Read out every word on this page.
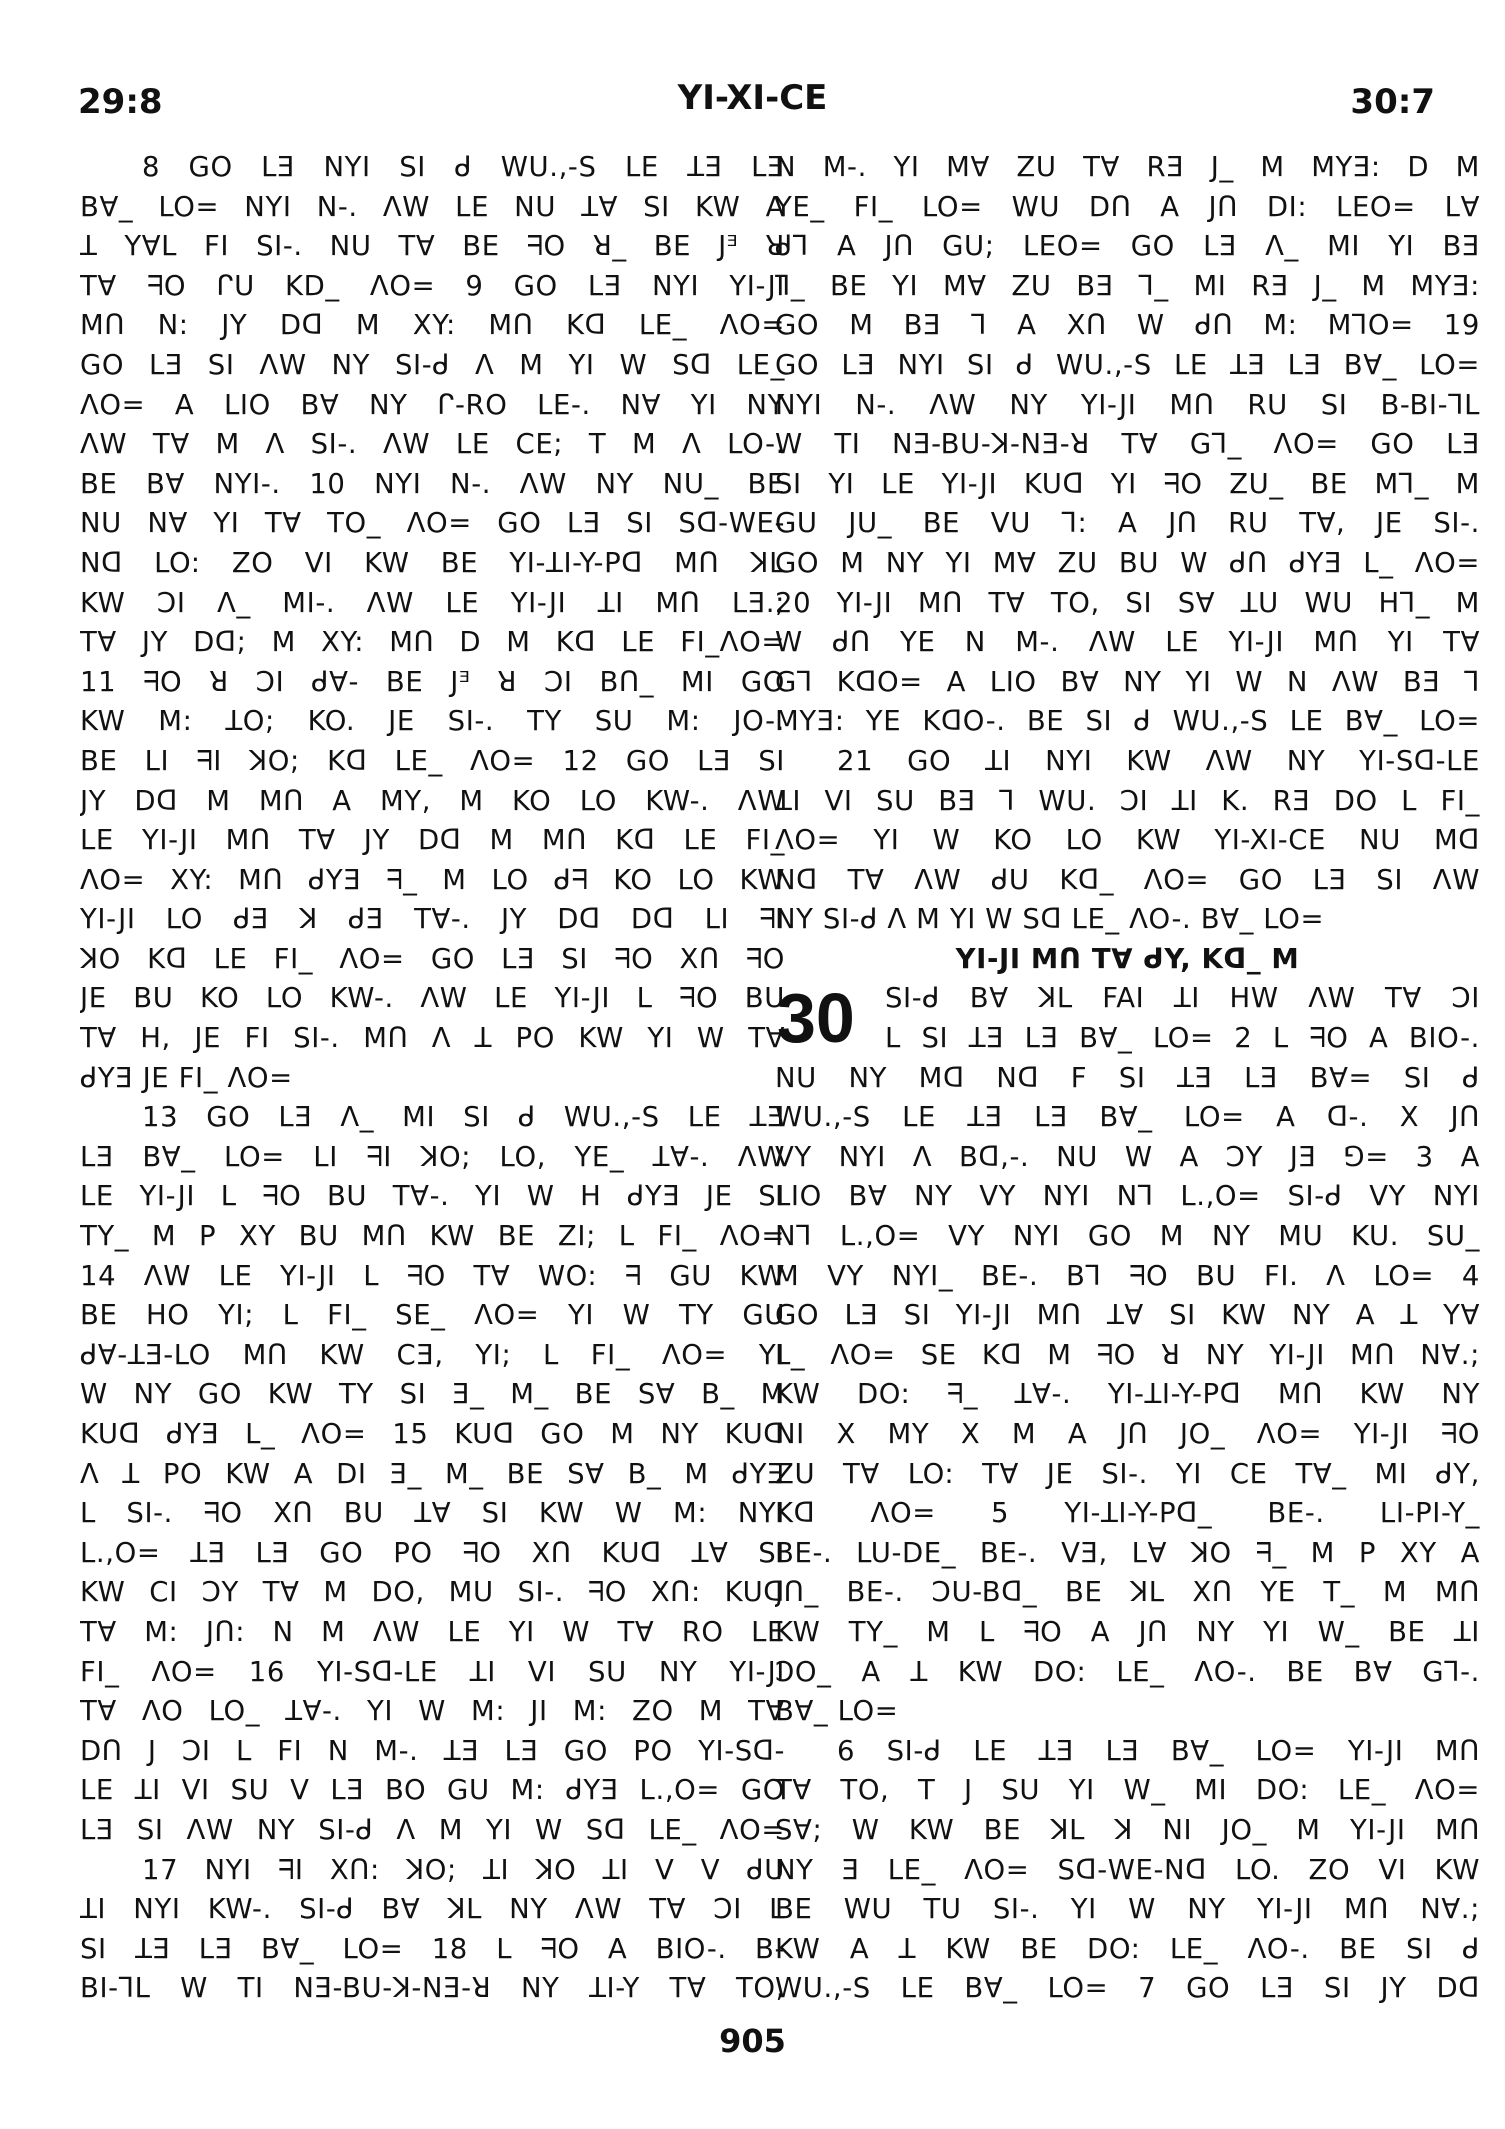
29:8	YI-XI-CE	30:7
8 GO LƎ NYI SI ᑯ WU.,-S LE ꓕƎ LƎ
Bꓯ_ LO= NYI N-. ꓥW LE NU ꓕꓯ SI KW A
ꓕ YꓯL FI SI-. NU Tꓯ BE ᖷO ꓤ_ BE Jᴲ ꓤ
Tꓯ ᖷO ᒋU KD_ ꓥO= 9 GO LƎ NYI YI-JI
Mᑎ N: JY Dᗡ M XY: Mᑎ Kᗡ LE_ ꓥO=
GO LƎ SI ꓥW NY SI-ᑯ ꓥ M YI W Sᗡ LE_
ꓥO= A LIO Bꓯ NY ᒋ-RO LE-. Nꓯ YI NY
ꓥW Tꓯ M ꓥ SI-. ꓥW LE CE; T M ꓥ LO-.
BE Bꓯ NYI-. 10 NYI N-. ꓥW NY NU_ BE
NU Nꓯ YI Tꓯ TO_ ꓥO= GO LƎ SI Sᗡ-WE-
Nᗡ LO: ZO VI KW BE YI-ꓕI-Y-Pᗡ Mᑎ ꓘL
KW ϽI ꓥ_ MI-. ꓥW LE YI-JI ꓕI Mᑎ LƎ.;
Tꓯ JY Dᗡ; M XY: Mᑎ D M Kᗡ LE FI_ꓥO=
11 ᖷO ꓤ ϽI ᑯꓯ- BE Jᴲ ꓤ ϽI Bᑎ_ MI GO
KW M: ꓕO; KO. JE SI-. TY SU M: JO-.
BE LI ᖷI ꓘO; Kᗡ LE_ ꓥO= 12 GO LƎ SI
JY Dᗡ M Mᑎ A MY, M KO LO KW-. ꓥW
LE YI-JI Mᑎ Tꓯ JY Dᗡ M Mᑎ Kᗡ LE FI_
ꓥO= XY: Mᑎ ᑯYƎ ᖷ_ M LO ᑯᖷ KO LO KW
YI-JI LO ᑯƎ ꓘ ᑯƎ Tꓯ-. JY Dᗡ Dᗡ LI ᖷI
ꓘO Kᗡ LE FI_ ꓥO= GO LƎ SI ᖷO Xᑎ ᖷO
JE BU KO LO KW-. ꓥW LE YI-JI L ᖷO BU
Tꓯ H, JE FI SI-. Mᑎ ꓥ ꓕ PO KW YI W Tꓯ
ᑯYƎ JE FI_ ꓥO=
13 GO LƎ ꓥ_ MI SI ᑯ WU.,-S LE ꓕƎ
LƎ Bꓯ_ LO= LI ᖷI ꓘO; LO, YE_ ꓕꓯ-. ꓥW
LE YI-JI L ᖷO BU Tꓯ-. YI W H ᑯYƎ JE SI
TY_ M P XY BU Mᑎ KW BE ZI; L FI_ ꓥO=
14 ꓥW LE YI-JI L ᖷO Tꓯ WO: ᖷ GU KW
BE HO YI; L FI_ SE_ ꓥO= YI W TY GU
ᑯꓯ-ꓕƎ-LO Mᑎ KW CƎ, YI; L FI_ ꓥO= YI
W NY GO KW TY SI Ǝ_ M_ BE Sꓯ B_ M
KUᗡ ᑯYƎ L_ ꓥO= 15 KUᗡ GO M NY KUᗡ
ꓥ ꓕ PO KW A DI Ǝ_ M_ BE Sꓯ B_ M ᑯYƎ
L SI-. ᖷO Xᑎ BU ꓕꓯ SI KW W M: NYI
L.,O= ꓕƎ LƎ GO PO ᖷO Xᑎ KUᗡ ꓕꓯ SI
KW CI ϽY Tꓯ M DO, MU SI-. ᖷO Xᑎ: KUᗡ
Tꓯ M: Jᑎ: N M ꓥW LE YI W Tꓯ RO LE
FI_ ꓥO= 16 YI-Sᗡ-LE ꓕI VI SU NY YI-JI
Tꓯ ꓥO LO_ ꓕꓯ-. YI W M: JI M: ZO M Tꓯ
Dᑎ J ϽI L FI N M-. ꓕƎ LƎ GO PO YI-Sᗡ-
LE ꓕI VI SU V LƎ BO GU M: ᑯYƎ L.,O= GO
LƎ SI ꓥW NY SI-ᑯ ꓥ M YI W Sᗡ LE_ ꓥO=
17 NYI ᖷI Xᑎ: ꓘO; ꓕI ꓘO ꓕI V V ᑯU
ꓕI NYI KW-. SI-ᑯ Bꓯ ꓘL NY ꓥW Tꓯ ϽI L
SI ꓕƎ LƎ Bꓯ_ LO= 18 L ᖷO A BIO-. B-
BI-ꓶL W TI NƎ-BU-ꓘ-NƎ-ꓤ NY ꓕI-Y Tꓯ TO,
N M-. YI Mꓯ ZU Tꓯ RƎ J_ M MYƎ: D M
YE_ FI_ LO= WU Dᑎ A Jᑎ DI: LEO= Lꓯ
ᑯꓶ A Jᑎ GU; LEO= GO LƎ ꓥ_ MI YI BƎ
ꓶ_ BE YI Mꓯ ZU BƎ ꓶ_ MI RƎ J_ M MYƎ:
GO M BƎ ꓶ A Xᑎ W ᑯᑎ M: MꓶO= 19
GO LƎ NYI SI ᑯ WU.,-S LE ꓕƎ LƎ Bꓯ_ LO=
NYI N-. ꓥW NY YI-JI Mᑎ RU SI B-BI-ꓶL
W TI NƎ-BU-ꓘ-NƎ-ꓤ Tꓯ Gꓶ_ ꓥO= GO LƎ
SI YI LE YI-JI KUᗡ YI ᖷO ZU_ BE Mꓶ_ M
GU JU_ BE VU ꓶ: A Jᑎ RU Tꓯ, JE SI-.
GO M NY YI Mꓯ ZU BU W ᑯᑎ ᑯYƎ L_ ꓥO=
20 YI-JI Mᑎ Tꓯ TO, SI Sꓯ ꓕU WU Hꓶ_ M
W ᑯᑎ YE N M-. ꓥW LE YI-JI Mᑎ YI Tꓯ
Gꓶ KᗡO= A LIO Bꓯ NY YI W N ꓥW BƎ ꓶ
MYƎ: YE KᗡO-. BE SI ᑯ WU.,-S LE Bꓯ_ LO=
21 GO ꓕI NYI KW ꓥW NY YI-Sᗡ-LE
ꓕI VI SU BƎ ꓶ WU. ϽI ꓕI K. RƎ DO L FI_
ꓥO= YI W KO LO KW YI-XI-CE NU Mᗡ
Nᗡ Tꓯ ꓥW ᑯU Kᗡ_ ꓥO= GO LƎ SI ꓥW
NY SI-ᑯ ꓥ M YI W Sᗡ LE_ ꓥO-. Bꓯ_ LO=
YI-JI Mᑎ Tꓯ ᑯY, Kᗡ_ M
30	SI-ᑯ Bꓯ ꓘL FAI ꓕI HW ꓥW Tꓯ ϽI
L SI ꓕƎ LƎ Bꓯ_ LO= 2 L ᖷO A BIO-.
NU NY Mᗡ Nᗡ F SI ꓕƎ LƎ Bꓯ= SI ᑯ
WU.,-S LE ꓕƎ LƎ Bꓯ_ LO= A ᗡ-. X Jᑎ
VY NYI ꓥ Bᗡ,-. NU W A ϽY JƎ ⅁= 3 A
LIO Bꓯ NY VY NYI Nꓶ L.,O= SI-ᑯ VY NYI
Nꓶ L.,O= VY NYI GO M NY MU KU. SU_
M VY NYI_ BE-. Bꓶ ᖷO BU FI. ꓥ LO= 4
GO LƎ SI YI-JI Mᑎ ꓕꓯ SI KW NY A ꓕ Yꓯ
L_ ꓥO= SE Kᗡ M ᖷO ꓤ NY YI-JI Mᑎ Nꓯ.;
KW DO: ᖷ_ ꓕꓯ-. YI-ꓕI-Y-Pᗡ Mᑎ KW NY
NI X MY X M A Jᑎ JO_ ꓥO= YI-JI ᖷO
ZU Tꓯ LO: Tꓯ JE SI-. YI CE Tꓯ_ MI ᑯY,
Kᗡ ꓥO= 5 YI-ꓕI-Y-Pᗡ_ BE-. LI-PI-Y_
BE-. LU-DE_ BE-. VƎ, Lꓯ ꓘO ᖷ_ M P XY A
Jᑎ_ BE-. ϽU-Bᗡ_ BE ꓘL Xᑎ YE T_ M Mᑎ
KW TY_ M L ᖷO A Jᑎ NY YI W_ BE ꓕI
ϽO_ A ꓕ KW DO: LE_ ꓥO-. BE Bꓯ Gꓶ-.
Bꓯ_ LO=
6 SI-ᑯ LE ꓕƎ LƎ Bꓯ_ LO= YI-JI Mᑎ
Tꓯ TO, T J SU YI W_ MI DO: LE_ ꓥO=
Sꓯ; W KW BE ꓘL ꓘ NI JO_ M YI-JI Mᑎ
NY Ǝ LE_ ꓥO= Sᗡ-WE-Nᗡ LO. ZO VI KW
BE WU TU SI-. YI W NY YI-JI Mᑎ Nꓯ.;
KW A ꓕ KW BE DO: LE_ ꓥO-. BE SI ᑯ
WU.,-S LE Bꓯ_ LO= 7 GO LƎ SI JY Dᗡ
905
